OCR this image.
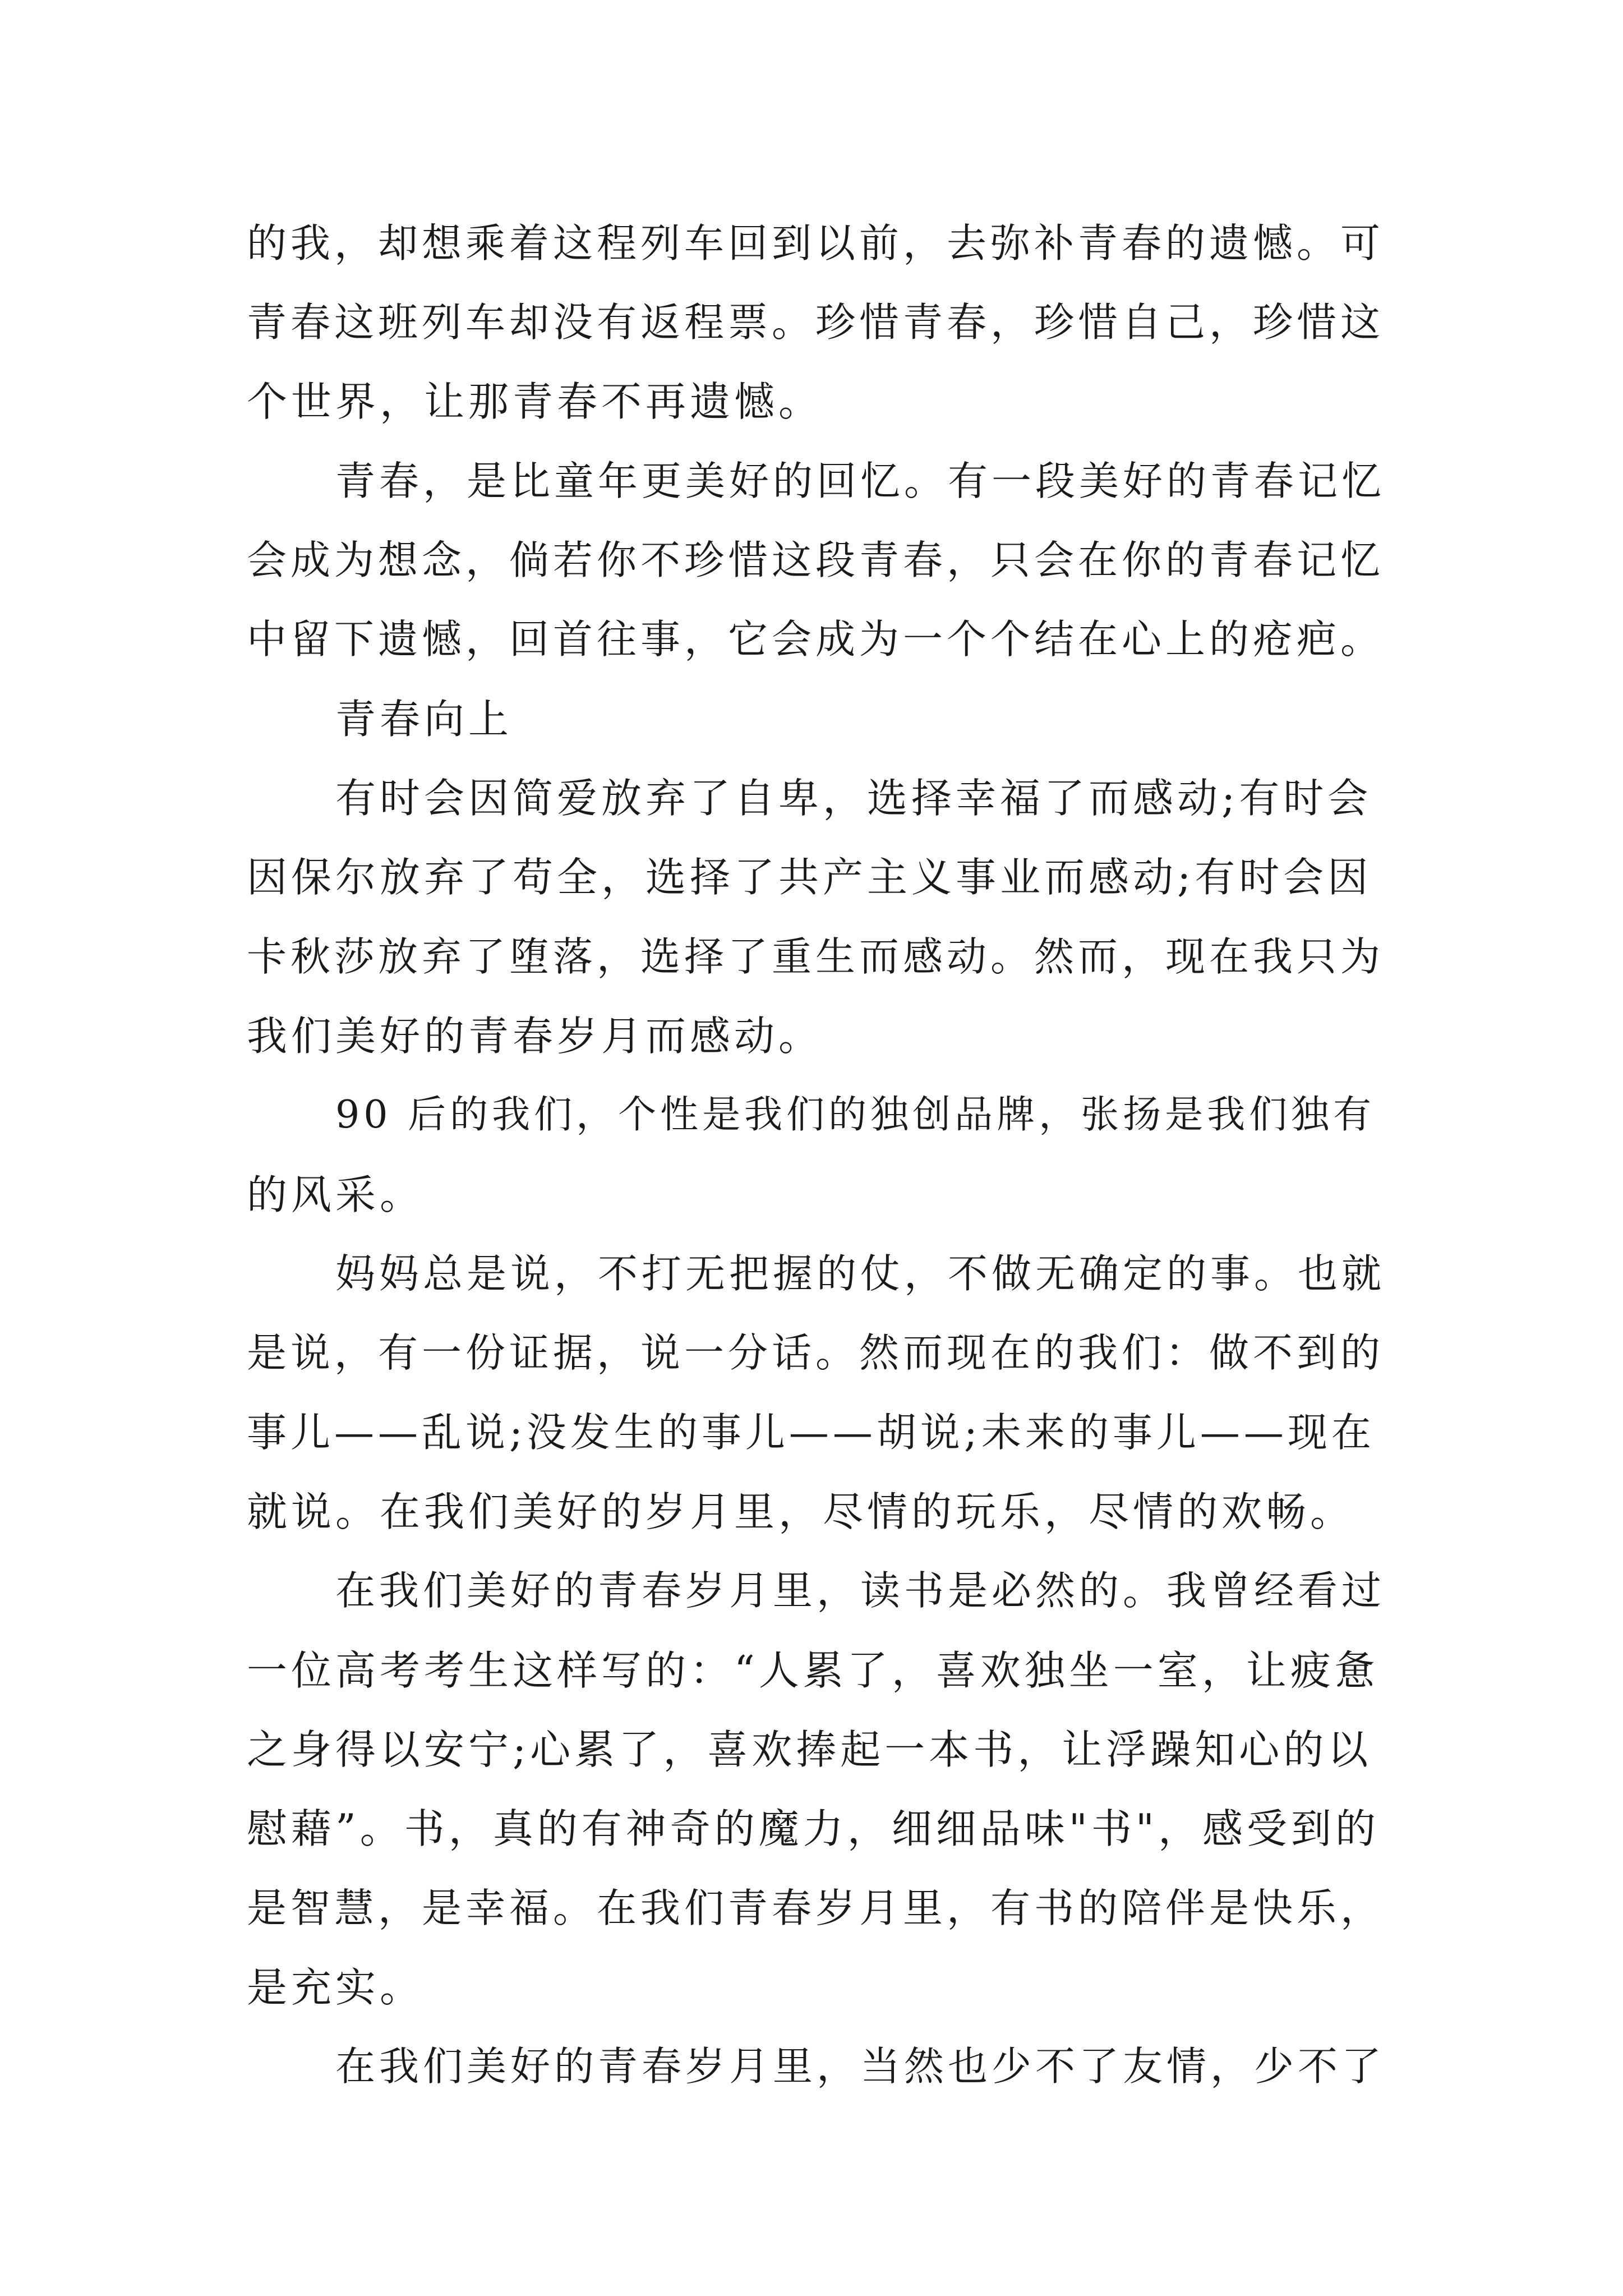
的我，却想乘着这程列车回到以前，去弥补青春的遗憾。可
青春这班列车却没有返程票。珍惜青春，珍惜自己，珍惜这
个世界，让那青春不再遗憾。
青春，是比童年更美好的回忆。有一段美好的青春记忆
会成为想念，倘若你不珍惜这段青春，只会在你的青春记忆
中留下遗憾，回首往事，它会成为一个个结在心上的疮疤。
青春向上
有时会因简爱放弃了自卑，选择幸福了而感动;有时会
因保尔放弃了苟全，选择了共产主义事业而感动;有时会因
卡秋莎放弃了堕落，选择了重生而感动。然而，现在我只为
我们美好的青春岁月而感动。
90 后的我们，个性是我们的独创品牌，张扬是我们独有
的风采。
妈妈总是说，不打无把握的仗，不做无确定的事。也就
是说，有一份证据，说一分话。然而现在的我们：做不到的
事儿——乱说;没发生的事儿——胡说;未来的事儿——现在
就说。在我们美好的岁月里，尽情的玩乐，尽情的欢畅。
在我们美好的青春岁月里，读书是必然的。我曾经看过
一位高考考生这样写的：“人累了，喜欢独坐一室，让疲惫
之身得以安宁;心累了，喜欢捧起一本书，让浮躁知心的以
慰藉”。书，真的有神奇的魔力，细细品味"书"，感受到的
是智慧，是幸福。在我们青春岁月里，有书的陪伴是快乐，
是充实。
在我们美好的青春岁月里，当然也少不了友情，少不了
